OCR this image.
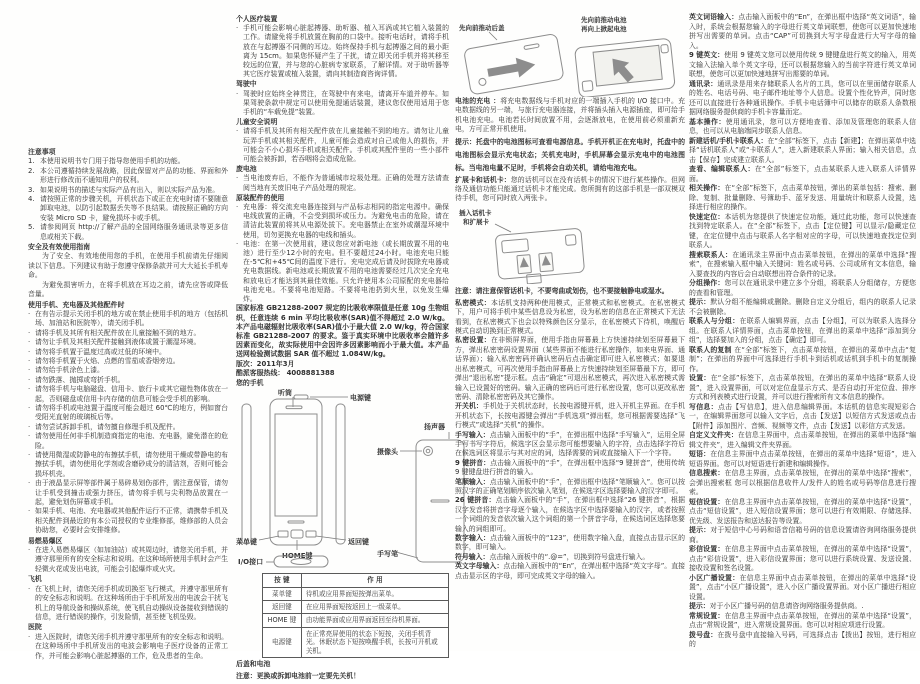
注意事项
1. 本使用说明书专门用于指导您使用手机的功能。
2. 本公司遵循持续发展战略，因此保留对产品的功能、界面和外形进行修改而不通知用户的权利。
3. 如果说明书的描述与实际产品有出入，则以实际产品为准。
4. 请按照正常的步骤关机，开机状态下或正在充电时请不要随意卸取电池，以防引起数据丢失等不良结果。请按照正确的方向安装 Micro SD 卡，避免损坏卡或手机。
5. 请参阅网页 http://了解产品的全国网络服务通讯录等更多信息或相关下载。
安全及有效使用指南
为了安全、有效地使用您的手机，在使用手机前请先仔细阅读以下信息。下列建议有助于您遵守保修条款并可大大延长手机寿命。
为避免损害听力，在将手机放在耳边之前，请先应答或降低音量。
使用手机、充电器及其他配件时
· 在有告示提示关闭手机的地方或在禁止使用手机的地方（包括机场、加油站和医院等），请关闭手机。
· 请将手机及其所有相关配件放在儿童接触不到的地方。
· 请勿让手机及其相关配件接触到液体或置于潮湿环境。
· 请勿将手机置于温度过高或过低的环境中。
· 请勿将手机置于火焰、点燃的雪茄或香烟旁边。
· 请勿给手机涂色上漆。
· 请勿跌落、抛掷或弯折手机。
· 请勿将手机与电脑磁盘、信用卡、旅行卡或其它磁性物体放在一起，否则磁盘或信用卡内存储的信息可能会受手机的影响。
· 请勿将手机或电池置于温度可能会超过 60℃的地方，例如窗台受阳光直射的玻璃板后等。
· 请勿尝试拆卸手机，请勿擅自修理手机及配件。
· 请勿使用任何非手机制造商指定的电池、充电器，避免潜在的危险。
· 请使用微湿或防静电的布擦拭手机，请勿使用干燥或带静电的布擦拭手机，请勿使用化学剂或含磨砂成分的清洁剂，否则可能会损坏机壳。
· 由于液晶显示屏等部件属于易碎易划伤部件，需注意保管，请勿让手机受到撞击或强力挤压，请勿将手机与尖利物品放置在一起，避免划伤屏幕或手机。
· 如果手机、电池、充电器或其他配件运行不正常，请携带手机及相关配件到最近的有本公司授权的专业维修部，维修部的人员会协助您，必要时会安排维修。
易燃易爆区
· 在进入易燃易爆区（如加油站）或其周边时，请您关闭手机，并遵守那里所有的安全标志和说明。在这种场所使用手机时会产生轻微火花或发出电波，可能会引起爆炸或火灾。
飞机
· 在飞机上时，请您关闭手机或切换至飞行模式，并遵守那里所有的安全标志和说明。在这种场所由于手机所发出的电波会干扰飞机上的导航设备和操纵系统，使飞机自动操纵设备接收到错误的信息，进行错误的操作，引发险情，甚至使飞机坠毁。
医院
· 进入医院时，请您关闭手机并遵守那里所有的安全标志和说明。在这种场所中手机所发出的电波会影响电子医疗设备的正常工作，并可能会影响心脏起搏器的工作，危及患者的生命。
个人医疗装置
· 手机可能会影响心脏起搏器、助听器、植入耳涡或其它植入装置的工作。请避免将手机放置在胸前的口袋中。接听电话时，请将手机放在与起搏器不同侧的耳边。始终保持手机与起搏器之间的最小距离为 15cm。如果您怀疑产生了干扰，请立即关闭手机并将其移至较远的位置，并与您的心脏病专家联系，了解详情。对于助听器等其它医疗装置或植入装置，请向其制造商咨询详情。
驾驶中
· 驾驶时应始终全神贯注，在驾驶中有来电，请离开车道并停车。如果驾驶条款中规定可以使用免提通话装置，建议您仅使用适用于您手机的“车载免提”装置。
儿童安全说明
· 请将手机及其所有相关配件放在儿童接触不到的地方。请勿让儿童玩弄手机或其相关配件，儿童可能会造成对自己或他人的损伤，并可能会不小心损坏手机或相关配件。手机或其配件里的一些小部件可能会被拆卸，若吞咽将会造成危险。
废电池
· 当电池废弃后，不能作为普通城市垃圾处理。正确的处理方法请查阅当地有关废旧电子产品处理的规定。
原装配件的使用
· 充电器：将交流充电器连接到与产品标志相同的指定电源中。确保电线放置的正确，不会受到损坏或压力。为避免电击的危险，请在清洁此装置前将其从电源处拔下。充电器禁止在室外或潮湿环境中使用，切勿更换充电器的电线和插头。
· 电池：在第一次使用前，建议您应对新电池（或长期放置不用的电池）进行至少12小时的充电。但不要超过24小时。电池充电只能在-5℃和+45℃间的温度下进行。充电完成后请及时拔除充电器或充电数据线。新电池或长期放置不用的电池需要经过几次完全充电和放电后才能达到其最佳效能。只允许使用本公司原配的充电器给电池充电。不要将电池短路。不要将电池扔到火里，以免发生爆炸。
国家标准 GB21288-2007 规定的比吸收率限值是任意 10g 生物组织，任意连续 6 min 平均比吸收率(SAR)值不得超过 2.0 W/kg。本产品电磁辐射比吸收率(SAR)值小于最大值 2.0 W/kg，符合国家标准 GB21288-2007 的要求。鉴于真实环境中比吸收率会随许多因素而变化，故实际使用中会因许多因素影响而小于最大值。本产品送网检验测试数据 SAR 值不超过 1.084W/kg。
版次：2011年3月
酷派客服热线： 4008881388
您的手机
电源键
听筒
菜单键	返回键
HOME键
I/O接口
扬声器
摄像头
手写笔
按 键	作 用
菜单键	待机或应用界面短按弹出菜单。
返回键	在应用界面短按返回上一级菜单。
HOME 键	由功能界面或应用界面返回至待机界面。
电源键	在正常亮屏使用的状态下短按，关闭手机背光。休眠状态下短按唤醒手机，长按可开机或关机。
后盖和电池
注意：更换或拆卸电池前一定要先关机！
先向前推动后盖
先向前推动电池
再向上掀起电池
电池的充电 ：将充电数据线与手机对应的一端插入手机的 I/O 接口中。充电数据线的另一端，与旅行充电器连接，并将插头插入电源插座，即可给手机电池充电。电池若长时间放置不用，会逐渐放电，在使用前必须重新充电，方可正常开机使用。
提示：托盘中的电池图标可查看电源信息。手机开机正在充电时，托盘中的电池图标会显示充电状态；关机充电时，手机屏幕会显示充电中的电池图标。当电池电量不足时，手机将会自动关机，请给电池充电。
扩展卡和话机卡：您的话机可以在没有话机卡的情况下进行某些操作。但网络及通信功能只能通过话机卡才能完成。您所拥有的这部手机是一部双模双待手机，您可同时放入两张卡。
插入话机卡
和扩展卡
注意：请注意保管话机卡，不要弯曲或划伤，也不要接触静电或湿水。
私密模式：本话机支持两种使用模式，正常模式和私密模式。在私密模式下，用户可将手机中某些信息设为私密，设为私密的信息在正常模式下无法看到，在私密模式下也会以特殊颜色区分显示，在私密模式下待机，唤醒后模式自动切换到正常模式。
私密设置：在非锁屏界面，使用手指由屏幕最上方快速持续划至屏幕最下方，弹出私密密码设置界面（某些界面不能进行私密操作，如来电界面、通话界面）；输入私密密码并确认密码后点击确定即可进入私密模式；如要退出私密模式，可再次使用手指由屏幕最上方快速持续划至屏幕最下方，即可弹出“退出私密”提示框。点击“确定”可退出私密模式，再次进入私密模式需输入已设置好的密码。输入正确的密码后可进行私密设置，您可以更改私密密码、清除私密密码及其它操作。
开关机：手机处于关机状态时，长按电源键开机，进入开机主界面。在手机开机状态下，长按电源键会弹出“手机选项”弹出框，您可根据需要选择“飞行模式”或选择“关机”的操作。
手写输入：点击输入面板中的“手”，在弹出框中选择“手写输入”，运用全屏手写书写字符后，候选字区会显示您可能想要输入的字符，点击选择字符后在候选词区将显示与其对应的词，选择需要的词或直接输入下一个字符。
9 键拼音：点击输入面板中的“手”，在弹出框中选择“9 键拼音”，使用传统 9 键键盘进行拼音的输入。
笔顺输入：点击输入面板中的“手”，在弹出框中选择“笔顺输入”。您可以按照汉字的正确笔划顺序依次输入笔划，在候选字区选择要输入的汉字即可。
26 键拼音：点击输入面板中的“手”，在弹出框中选择“26 键拼音”，根据汉字发音将拼音字母逐个输入，在候选字区中选择要输入的汉字，或者按照一个词组的发音依次输入这个词组的第一个拼音字母，在候选词区选择您要输入的词组即可。
数字输入：点击输入面板中的“123”，使用数字输入盘，直接点击显示区的数字，即可输入。
符号输入：点击输入面板中的“.@=”，切换到符号盘进行输入。
英文字母输入：点击输入面板中的“En”，在弹出框中选择“英文字母”。直接点击显示区的字母，即可完成英文字母的输入。
英文词语输入：点击输入面板中的“En”，在弹出框中选择“英文词语”，输入时，系统会根据您输入的字母进行英文单词联想，使您可以更加快速地拼写出需要的单词。点击“CAP”可切换到大写字母盘进行大写字母的输入。
9 键英文：使用 9 键英文您可以使用传统 9 键键盘进行英文的输入，用英文输入法输入单个英文字母，还可以根据您输入的当前字符进行英文单词联想，使您可以更加快速地拼写出需要的单词。
通讯录：通讯录是用来存储联系人名片的工具，您可以在里面储存联系人的姓名、电话号码、电子邮件地址等个人信息。设置个性化铃声，同时您还可以直接进行各种通讯操作。手机卡电话簿中可以储存的联系人条数根据网络服务提供商的手机卡容量而定。
基本操作：使用通讯录，您可以方便地查看、添加及管理您的联系人信息，也可以从电脑端同步联系人信息。
新建话机/手机卡联系人：在“全部”标签下，点击【新建】；在弹出菜单中选择“话机联系人”或“卡联系人”，进入新建联系人界面；输入相关信息，点击【保存】完成建立联系人。
查看、编辑联系人：在“全部”标签下，点击某联系人进入联系人详情界面。
相关操作：在“全部”标签下，点击菜单按钮，弹出的菜单包括：搜索、删除、复制、批量删除、号簿助手、蓝牙发送、用量统计和联系人设置，选择进行相应的操作。
快速定位：本话机为您提供了快速定位功能，通过此功能，您可以快速查找到特定联系人。在“全部”标签下，点击【定位键】可以显示/隐藏定位键，在定位键中点击与联系人名字相对应的字母，可以快速地查找定位到联系人。
搜索联系人：在通讯录主界面中点击菜单按钮，在弹出的菜单中选择“搜索”，在搜索输入框中输入关键词：姓名或号码、公司或所有文本信息，输入要查找的内容后会自动联想出符合条件的记录。
分组操作：您可以在通讯录中建立多个分组，将联系人分组储存，方便您的查看和管理。
提示：默认分组不能编辑或删除。删除自定义分组后，组内的联系人记录不会被删除。
联系人与分组：在联系人编辑界面，点击【分组】，可以为联系人选择分组。在联系人详情界面，点击菜单按钮，在弹出的菜单中选择“添加到分组”，选择要加入的分组，点击【确定】即可。
联系人的复制 在“全部”标签下，点击菜单按钮，在弹出的菜单中点击“复制”；在弹出的界面中可选择进行手机卡到话机或话机到手机卡的复制操作。
设置：在“全部”标签下，点击菜单按钮，在弹出的菜单中选择“联系人设置”，进入设置界面，可以对定位盘显示方式、是否自动打开定位盘、排序方式和列表模式进行设置，并可以进行搜索所有文本信息的操作。
写信息：点击【写信息】，进入信息编辑界面。本话机的信息实现短彩合一，在编辑界面您可以输入文字后，点击【发送】以短信方式发送或点击【附件】添加图片、音频、视频等文件，点击【发送】以彩信方式发送。
自定义文件夹：在信息主界面中，点击菜单按钮，在弹出的菜单中选择“编辑文件夹”，进入编辑文件夹界面。
短语：在信息主界面中点击菜单按钮，在弹出的菜单中选择“短语”，进入短语界面。您可以对短语进行新建和编辑操作。
信息搜索：在信息主界面，点击菜单按钮，在弹出的菜单中选择“搜索”，会弹出搜索框 您可以根据信息收件人/发件人的姓名或号码等信息进行搜索。
短信设置：在信息主界面中点击菜单按钮，在弹出的菜单中选择“设置”，点击“短信设置”，进入短信设置界面；您可以进行有效期限、存储选择、优先级、发送报告和送达报告等设置。
提示：对于短信中心号码和语音信箱号码的信息设置请咨询网络服务提供商。
彩信设置：在信息主界面中点击菜单按钮，在弹出的菜单中选择“设置”，点击“彩信设置”，进入彩信设置界面；您可以进行系统设置、发送设置、接收设置和签名设置。
小区广播设置：在信息主界面中点击菜单按钮，在弹出的菜单中选择“设置”，点击“小区广播设置”，进入小区广播设置界面。对小区广播进行相应设置。
提示：对于小区广播号码的信息请咨询网络服务提供商。.
常规设置：在信息主界面中点击菜单按钮，在弹出的菜单中选择“设置”，点击“常规设置”，进入常规设置界面。您可以对相应项进行设置。
拨号盘：在拨号盘中直接输入号码，可选择点击【拨出】按钮，进行相应的
